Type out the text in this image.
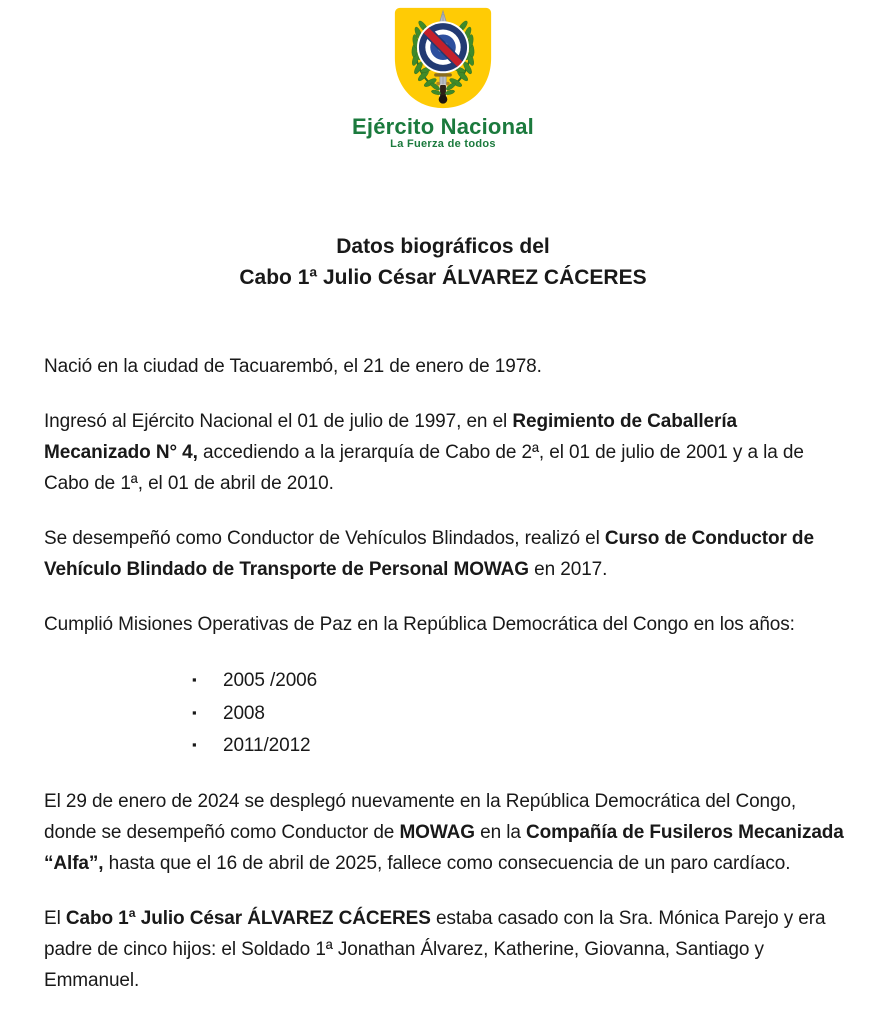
Ejército Nacional
La Fuerza de todos
Datos biográficos del
Cabo 1ª Julio César ÁLVAREZ CÁCERES

Nació en la ciudad de Tacuarembó, el 21 de enero de 1978.

Ingresó al Ejército Nacional el 01 de julio de 1997, en el Regimiento de Caballería Mecanizado N° 4, accediendo a la jerarquía de Cabo de 2ª, el 01 de julio de 2001 y a la de Cabo de 1ª, el 01 de abril de 2010.

Se desempeñó como Conductor de Vehículos Blindados, realizó el Curso de Conductor de Vehículo Blindado de Transporte de Personal MOWAG en 2017.

Cumplió Misiones Operativas de Paz en la República Democrática del Congo en los años:

▪ 2005 /2006
▪ 2008
▪ 2011/2012

El 29 de enero de 2024 se desplegó nuevamente en la República Democrática del Congo, donde se desempeñó como Conductor de MOWAG en la Compañía de Fusileros Mecanizada “Alfa”, hasta que el 16 de abril de 2025, fallece como consecuencia de un paro cardíaco.

El Cabo 1ª Julio César ÁLVAREZ CÁCERES estaba casado con la Sra. Mónica Parejo y era padre de cinco hijos: el Soldado 1ª Jonathan Álvarez, Katherine, Giovanna, Santiago y Emmanuel.
